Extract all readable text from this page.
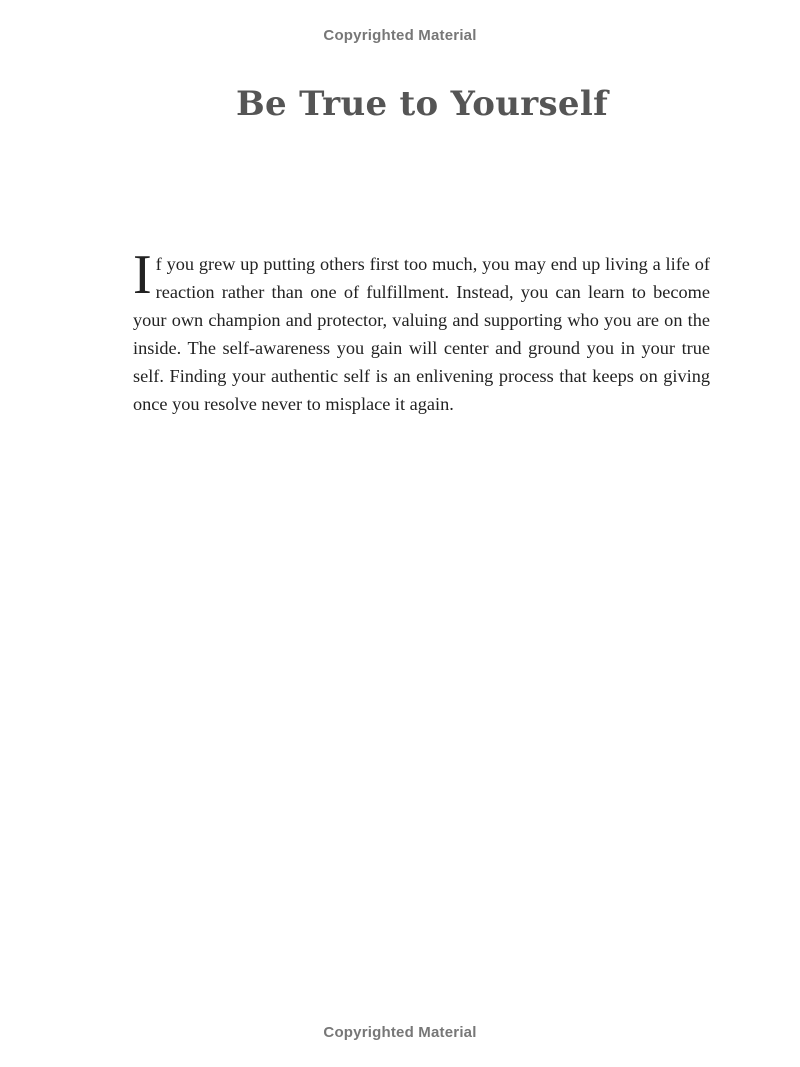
Copyrighted Material
Be True to Yourself

If you grew up putting others first too much, you may end up living a life of reaction rather than one of fulfillment. Instead, you can learn to become your own champion and protector, valuing and supporting who you are on the inside. The self-awareness you gain will center and ground you in your true self. Finding your authentic self is an enlivening process that keeps on giving once you resolve never to misplace it again.

Copyrighted Material
